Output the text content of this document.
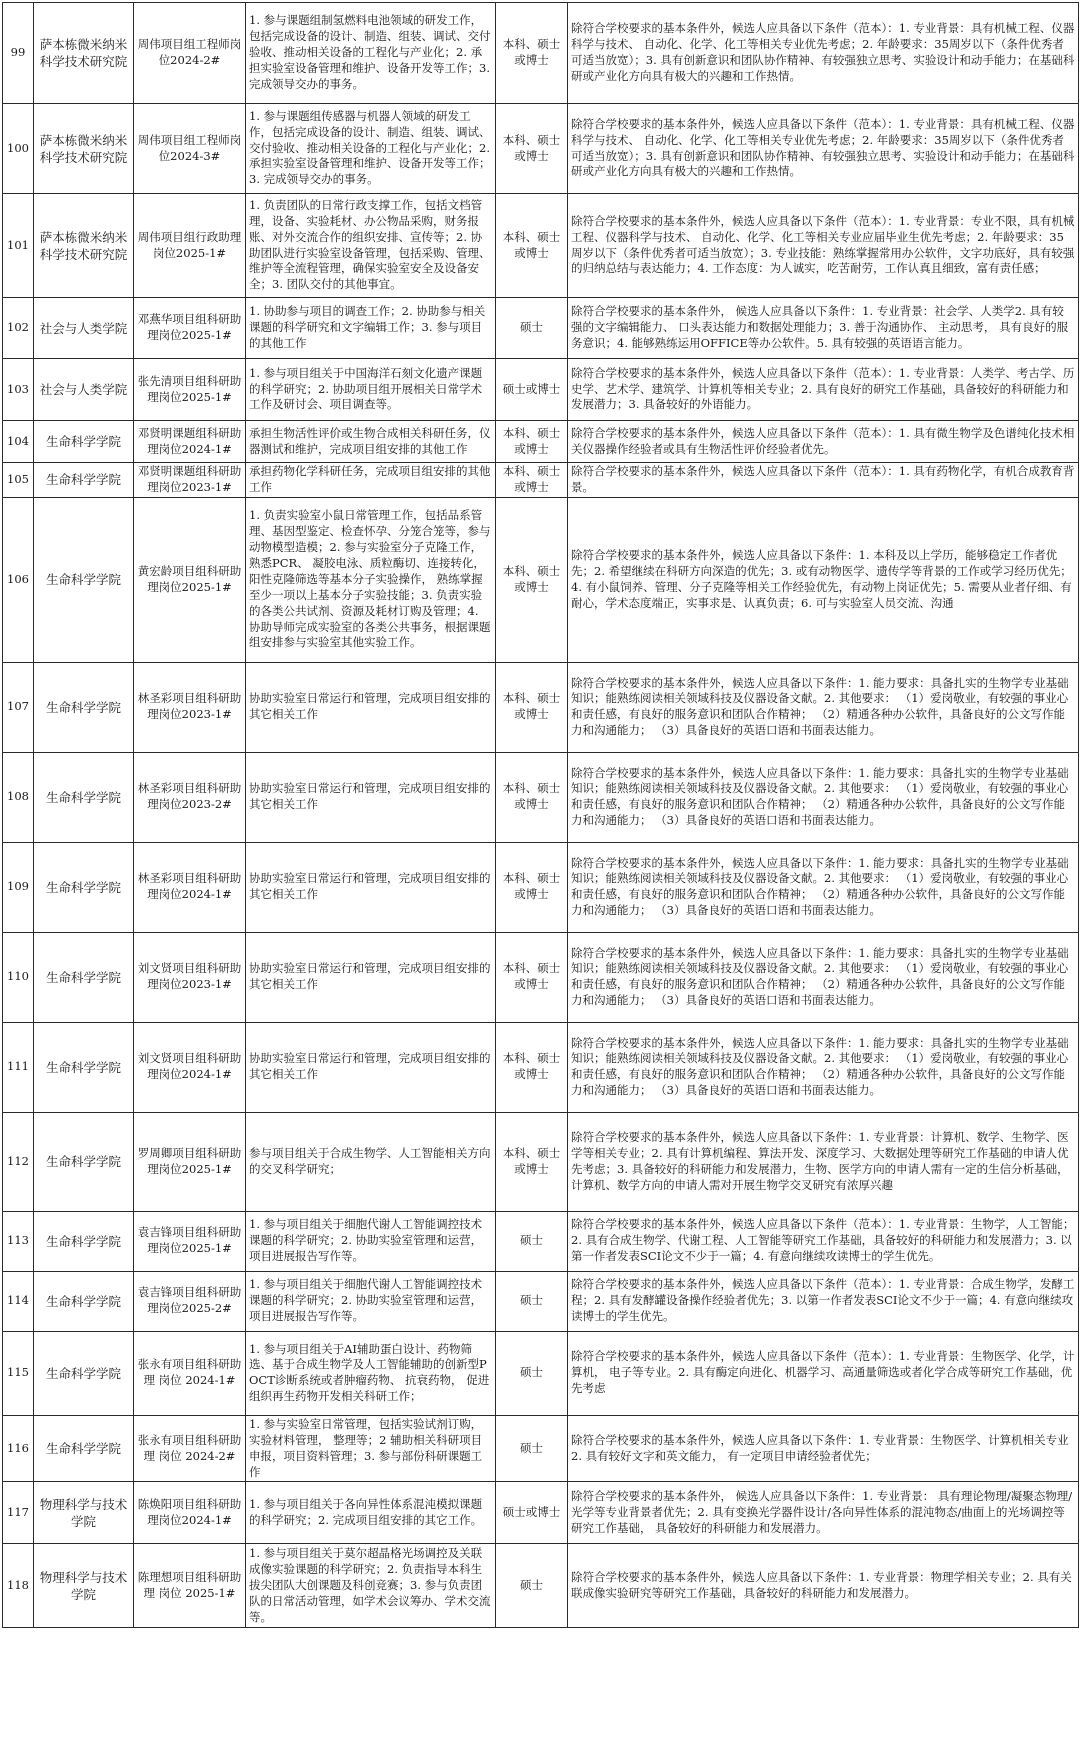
99	萨本栋微米纳米科学技术研究院	周伟项目组工程师岗位2024-2#	1. 参与课题组制氢燃料电池领域的研发工作，包括完成设备的设计、制造、组装、调试、交付验收、推动相关设备的工程化与产业化；2. 承担实验室设备管理和维护、设备开发等工作；3. 完成领导交办的事务。	本科、硕士或博士	除符合学校要求的基本条件外，候选人应具备以下条件（范本）：1. 专业背景：具有机械工程、仪器科学与技术、 自动化、化学、化工等相关专业优先考虑；2. 年龄要求：35周岁以下（条件优秀者可适当放宽）；3. 具有创新意识和团队协作精神、有较强独立思考、实验设计和动手能力；在基础科研或产业化方向具有极大的兴趣和工作热情。
100	萨本栋微米纳米科学技术研究院	周伟项目组工程师岗位2024-3#	1. 参与课题组传感器与机器人领域的研发工作，包括完成设备的设计、制造、组装、调试、交付验收、推动相关设备的工程化与产业化；2. 承担实验室设备管理和维护、设备开发等工作；3. 完成领导交办的事务。	本科、硕士或博士	除符合学校要求的基本条件外，候选人应具备以下条件（范本）：1. 专业背景：具有机械工程、仪器科学与技术、 自动化、化学、化工等相关专业优先考虑；2. 年龄要求：35周岁以下（条件优秀者可适当放宽）；3. 具有创新意识和团队协作精神、有较强独立思考、实验设计和动手能力；在基础科研或产业化方向具有极大的兴趣和工作热情。
101	萨本栋微米纳米科学技术研究院	周伟项目组行政助理岗位2025-1#	1. 负责团队的日常行政支撑工作，包括文档管理，设备、实验耗材、办公物品采购，财务报账、对外交流合作的组织安排、宣传等；2. 协助团队进行实验室设备管理，包括采购、管理、维护等全流程管理，确保实验室安全及设备安全；3. 团队交付的其他事宜。	本科、硕士或博士	除符合学校要求的基本条件外，候选人应具备以下条件（范本）：1. 专业背景：专业不限，具有机械工程、仪器科学与技术、 自动化、化学、化工等相关专业应届毕业生优先考虑；2. 年龄要求：35周岁以下（条件优秀者可适当放宽）；3. 专业技能：熟练掌握常用办公软件，文字功底好，具有较强的归纳总结与表达能力；4. 工作态度：为人诚实，吃苦耐劳，工作认真且细致，富有责任感；
102	社会与人类学院	邓燕华项目组科研助理岗位2025-1#	1. 协助参与项目的调查工作；2. 协助参与相关课题的科学研究和文字编辑工作；3. 参与项目的其他工作	硕士	除符合学校要求的基本条件外， 候选人应具备以下条件：1. 专业背景：社会学、人类学2. 具有较强的文字编辑能力、 口头表达能力和数据处理能力；3. 善于沟通协作、 主动思考， 具有良好的服务意识；4. 能够熟练运用OFFICE等办公软件。5. 具有较强的英语语言能力。
103	社会与人类学院	张先清项目组科研助理岗位2025-1#	1. 参与项目组关于中国海洋石刻文化遗产课题的科学研究；2. 协助项目组开展相关日常学术工作及研讨会、项目调查等。	硕士或博士	除符合学校要求的基本条件外，候选人应具备以下条件（范本）：1. 专业背景：人类学、考古学、历史学、艺术学、建筑学、计算机等相关专业；2. 具有良好的研究工作基础，具备较好的科研能力和发展潜力；3. 具备较好的外语能力。
104	生命科学学院	邓贤明课题组科研助理岗位2024-1#	承担生物活性评价或生物合成相关科研任务，仪器测试和维护，完成项目组安排的其他工作	本科、硕士或博士	除符合学校要求的基本条件外，候选人应具备以下条件（范本）：1. 具有微生物学及色谱纯化技术相关仪器操作经验者或具有生物活性评价经验者优先。
105	生命科学学院	邓贤明课题组科研助理岗位2023-1#	承担药物化学科研任务，完成项目组安排的其他工作	本科、硕士或博士	除符合学校要求的基本条件外，候选人应具备以下条件（范本）：1. 具有药物化学，有机合成教育背景。
106	生命科学学院	黄宏龄项目组科研助理岗位2025-1#	1. 负责实验室小鼠日常管理工作，包括品系管理、基因型鉴定、检查怀孕、分笼合笼等，参与动物模型造模；2. 参与实验室分子克隆工作，熟悉PCR、 凝胶电泳、质粒酶切、连接转化， 阳性克隆筛选等基本分子实验操作， 熟练掌握至少一项以上基本分子实验技能；3. 负责实验的各类公共试剂、资源及耗材订购及管理；4. 协助导师完成实验室的各类公共事务，根据课题组安排参与实验室其他实验工作。	本科、硕士或博士	除符合学校要求的基本条件外，候选人应具备以下条件：1. 本科及以上学历，能够稳定工作者优先；2. 希望继续在科研方向深造的优先；3. 或有动物医学、遗传学等背景的工作或学习经历优先；4. 有小鼠饲养、管理、分子克隆等相关工作经验优先，有动物上岗证优先；5. 需要从业者仔细、有耐心，学术态度端正，实事求是、认真负责；6. 可与实验室人员交流、沟通
107	生命科学学院	林圣彩项目组科研助理岗位2023-1#	协助实验室日常运行和管理，完成项目组安排的其它相关工作	本科、硕士或博士	除符合学校要求的基本条件外，候选人应具备以下条件：1. 能力要求：具备扎实的生物学专业基础知识；能熟练阅读相关领域科技及仪器设备文献。2. 其他要求： （1）爱岗敬业，有较强的事业心和责任感，有良好的服务意识和团队合作精神； （2）精通各种办公软件，具备良好的公文写作能力和沟通能力； （3）具备良好的英语口语和书面表达能力。
108	生命科学学院	林圣彩项目组科研助理岗位2023-2#	协助实验室日常运行和管理，完成项目组安排的其它相关工作	本科、硕士或博士	除符合学校要求的基本条件外，候选人应具备以下条件：1. 能力要求：具备扎实的生物学专业基础知识；能熟练阅读相关领域科技及仪器设备文献。2. 其他要求： （1）爱岗敬业，有较强的事业心和责任感，有良好的服务意识和团队合作精神； （2）精通各种办公软件，具备良好的公文写作能力和沟通能力； （3）具备良好的英语口语和书面表达能力。
109	生命科学学院	林圣彩项目组科研助理岗位2024-1#	协助实验室日常运行和管理，完成项目组安排的其它相关工作	本科、硕士或博士	除符合学校要求的基本条件外，候选人应具备以下条件：1. 能力要求：具备扎实的生物学专业基础知识；能熟练阅读相关领域科技及仪器设备文献。2. 其他要求： （1）爱岗敬业，有较强的事业心和责任感，有良好的服务意识和团队合作精神； （2）精通各种办公软件，具备良好的公文写作能力和沟通能力； （3）具备良好的英语口语和书面表达能力。
110	生命科学学院	刘文贤项目组科研助理岗位2023-1#	协助实验室日常运行和管理，完成项目组安排的其它相关工作	本科、硕士或博士	除符合学校要求的基本条件外，候选人应具备以下条件：1. 能力要求：具备扎实的生物学专业基础知识；能熟练阅读相关领域科技及仪器设备文献。2. 其他要求： （1）爱岗敬业，有较强的事业心和责任感，有良好的服务意识和团队合作精神； （2）精通各种办公软件，具备良好的公文写作能力和沟通能力； （3）具备良好的英语口语和书面表达能力。
111	生命科学学院	刘文贤项目组科研助理岗位2024-1#	协助实验室日常运行和管理，完成项目组安排的其它相关工作	本科、硕士或博士	除符合学校要求的基本条件外，候选人应具备以下条件：1. 能力要求：具备扎实的生物学专业基础知识；能熟练阅读相关领域科技及仪器设备文献。2. 其他要求： （1）爱岗敬业，有较强的事业心和责任感，有良好的服务意识和团队合作精神； （2）精通各种办公软件，具备良好的公文写作能力和沟通能力； （3）具备良好的英语口语和书面表达能力。
112	生命科学学院	罗周卿项目组科研助理岗位2025-1#	参与项目组关于合成生物学、人工智能相关方向的交叉科学研究；	本科、硕士或博士	除符合学校要求的基本条件外，候选人应具备以下条件：1. 专业背景：计算机、数学、生物学、医学等相关专业；2. 具有计算机编程、算法开发、深度学习、大数据处理等研究工作基础的申请人优先考虑；3. 具备较好的科研能力和发展潜力，生物、医学方向的申请人需有一定的生信分析基础，计算机、数学方向的申请人需对开展生物学交叉研究有浓厚兴趣
113	生命科学学院	袁吉锋项目组科研助理岗位2025-1#	1. 参与项目组关于细胞代谢人工智能调控技术课题的科学研究；2. 协助实验室管理和运营，项目进展报告写作等。	硕士	除符合学校要求的基本条件外，候选人应具备以下条件（范本）：1. 专业背景：生物学，人工智能；2. 具有合成生物学、代谢工程、人工智能等研究工作基础，具备较好的科研能力和发展潜力；3. 以第一作者发表SCI论文不少于一篇；4. 有意向继续攻读博士的学生优先。
114	生命科学学院	袁吉锋项目组科研助理岗位2025-2#	1. 参与项目组关于细胞代谢人工智能调控技术课题的科学研究；2. 协助实验室管理和运营，项目进展报告写作等。	硕士	除符合学校要求的基本条件外，候选人应具备以下条件（范本）：1. 专业背景：合成生物学，发酵工程；2. 具有发酵罐设备操作经验者优先；3. 以第一作者发表SCI论文不少于一篇；4. 有意向继续攻读博士的学生优先。
115	生命科学学院	张永有项目组科研助理 岗位 2024-1#	1. 参与项目组关于AI辅助蛋白设计、药物筛选、基于合成生物学及人工智能辅助的创新型POCT诊断系统或者肿瘤药物、 抗衰药物， 促进组织再生药物开发相关科研工作；	硕士	除符合学校要求的基本条件外，候选人应具备以下条件（范本）：1. 专业背景：生物医学、化学，计算机， 电子等专业。2. 具有酶定向进化、机器学习、高通量筛选或者化学合成等研究工作基础，优先考虑
116	生命科学学院	张永有项目组科研助理 岗位 2024-2#	1. 参与实验室日常管理，包括实验试剂订购， 实验材料管理， 整理等；2 辅助相关科研项目申报，项目资料管理；3. 参与部份科研课题工作	硕士	除符合学校要求的基本条件外，候选人应具备以下条件：1. 专业背景：生物医学、计算机相关专业2. 具有较好文字和英文能力， 有一定项目申请经验者优先；
117	物理科学与技术 学院	陈焕阳项目组科研助理岗位2024-1#	1. 参与项目组关于各向异性体系混沌模拟课题的科学研究；2. 完成项目组安排的其它工作。	硕士或博士	除符合学校要求的基本条件外， 候选人应具备以下条件：1. 专业背景： 具有理论物理/凝聚态物理/光学等专业背景者优先；2. 具有变换光学器件设计/各向异性体系的混沌物态/曲面上的光场调控等研究工作基础， 具备较好的科研能力和发展潜力。
118	物理科学与技术 学院	陈理想项目组科研助理 岗位 2025-1#	1. 参与项目组关于莫尔超晶格光场调控及关联成像实验课题的科学研究；2. 负责指导本科生拔尖团队大创课题及科创竞赛；3. 参与负责团队的日常活动管理，如学术会议筹办、学术交流等。	硕士	除符合学校要求的基本条件外，候选人应具备以下条件：1. 专业背景：物理学相关专业；2. 具有关联成像实验研究等研究工作基础，具备较好的科研能力和发展潜力。
